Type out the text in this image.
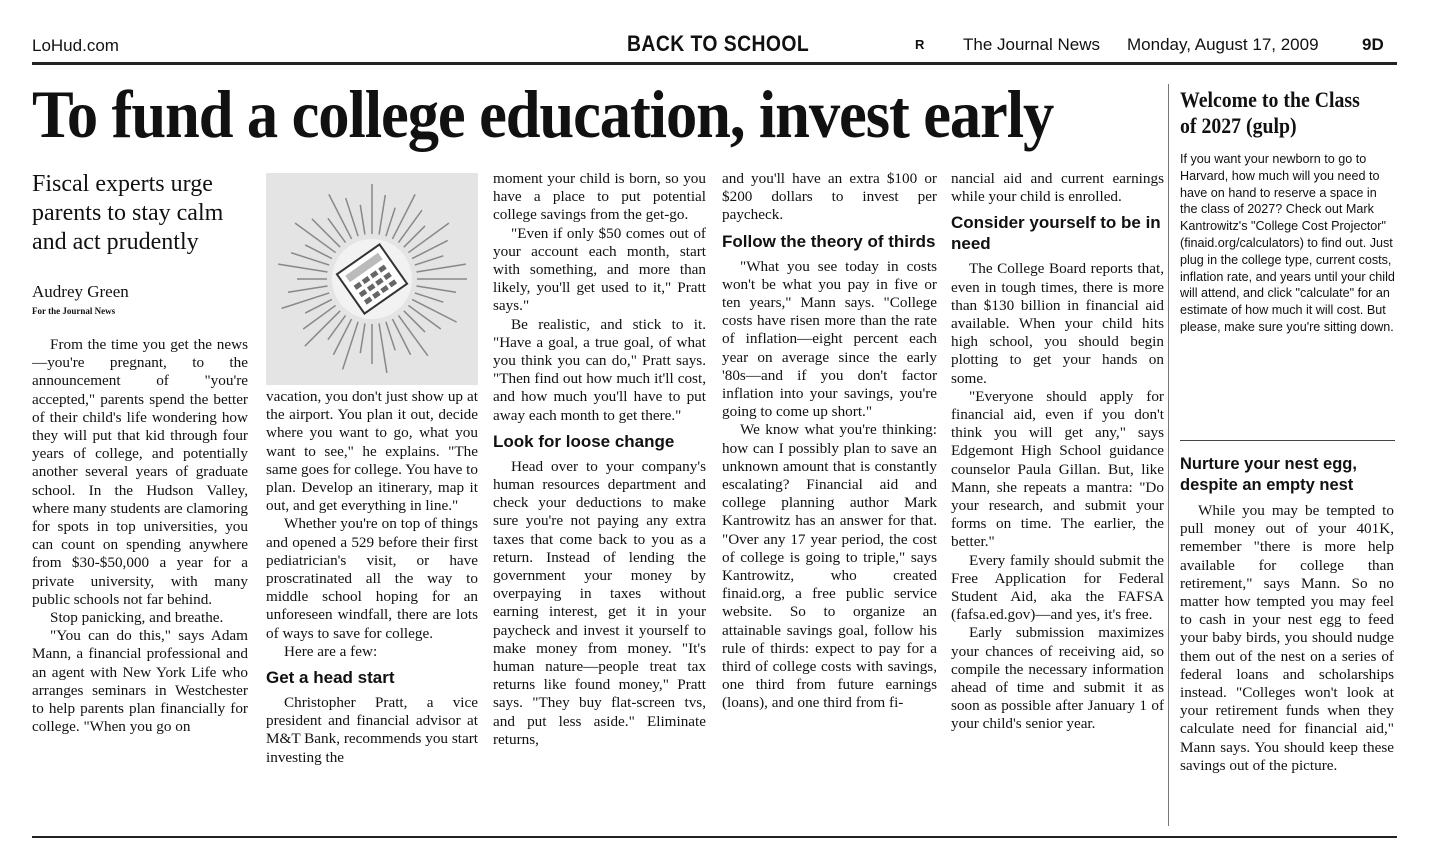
LoHud.com	BACK TO SCHOOL	R The Journal News Monday, August 17, 2009	9D
To fund a college education, invest early
Fiscal experts urge parents to stay calm and act prudently
Audrey Green
For the Journal News

From the time you get the news—you're pregnant, to the announcement of "you're accepted," parents spend the better of their child's life wondering how they will put that kid through four years of college, and potentially another several years of graduate school. In the Hudson Valley, where many students are clamoring for spots in top universities, you can count on spending anywhere from $30-$50,000 a year for a private university, with many public schools not far behind.

Stop panicking, and breathe.

"You can do this," says Adam Mann, a financial professional and an agent with New York Life who arranges seminars in Westchester to help parents plan financially for college. "When you go on

vacation, you don't just show up at the airport. You plan it out, decide where you want to go, what you want to see," he explains. "The same goes for college. You have to plan. Develop an itinerary, map it out, and get everything in line."

Whether you're on top of things and opened a 529 before their first pediatrician's visit, or have proscratinated all the way to middle school hoping for an unforeseen windfall, there are lots of ways to save for college.

Here are a few:

Get a head start

Christopher Pratt, a vice president and financial advisor at M&T Bank, recommends you start investing the

moment your child is born, so you have a place to put potential college savings from the get-go.

"Even if only $50 comes out of your account each month, start with something, and more than likely, you'll get used to it," Pratt says."

Be realistic, and stick to it. "Have a goal, a true goal, of what you think you can do," Pratt says. "Then find out how much it'll cost, and how much you'll have to put away each month to get there."

Look for loose change

Head over to your company's human resources department and check your deductions to make sure you're not paying any extra taxes that come back to you as a return. Instead of lending the government your money by overpaying in taxes without earning interest, get it in your paycheck and invest it yourself to make money from money. "It's human nature—people treat tax returns like found money," Pratt says. "They buy flat-screen tvs, and put less aside." Eliminate returns,

and you'll have an extra $100 or $200 dollars to invest per paycheck.

Follow the theory of thirds

"What you see today in costs won't be what you pay in five or ten years," Mann says. "College costs have risen more than the rate of inflation—eight percent each year on average since the early '80s—and if you don't factor inflation into your savings, you're going to come up short."

We know what you're thinking: how can I possibly plan to save an unknown amount that is constantly escalating? Financial aid and college planning author Mark Kantrowitz has an answer for that. "Over any 17 year period, the cost of college is going to triple," says Kantrowitz, who created finaid.org, a free public service website. So to organize an attainable savings goal, follow his rule of thirds: expect to pay for a third of college costs with savings, one third from future earnings (loans), and one third from fi-

nancial aid and current earnings while your child is enrolled.

Consider yourself to be in need

The College Board reports that, even in tough times, there is more than $130 billion in financial aid available. When your child hits high school, you should begin plotting to get your hands on some.

"Everyone should apply for financial aid, even if you don't think you will get any," says Edgemont High School guidance counselor Paula Gillan. But, like Mann, she repeats a mantra: "Do your research, and submit your forms on time. The earlier, the better."

Every family should submit the Free Application for Federal Student Aid, aka the FAFSA (fafsa.ed.gov)—and yes, it's free.

Early submission maximizes your chances of receiving aid, so compile the necessary information ahead of time and submit it as soon as possible after January 1 of your child's senior year.

Welcome to the Class of 2027 (gulp)
If you want your newborn to go to Harvard, how much will you need to have on hand to reserve a space in the class of 2027? Check out Mark Kantrowitz's "College Cost Projector" (finaid.org/calculators) to find out. Just plug in the college type, current costs, inflation rate, and years until your child will attend, and click "calculate" for an estimate of how much it will cost. But please, make sure you're sitting down.
Nurture your nest egg, despite an empty nest

While you may be tempted to pull money out of your 401K, remember "there is more help available for college than retirement," says Mann. So no matter how tempted you may feel to cash in your nest egg to feed your baby birds, you should nudge them out of the nest on a series of federal loans and scholarships instead. "Colleges won't look at your retirement funds when they calculate need for financial aid," Mann says. You should keep these savings out of the picture.
